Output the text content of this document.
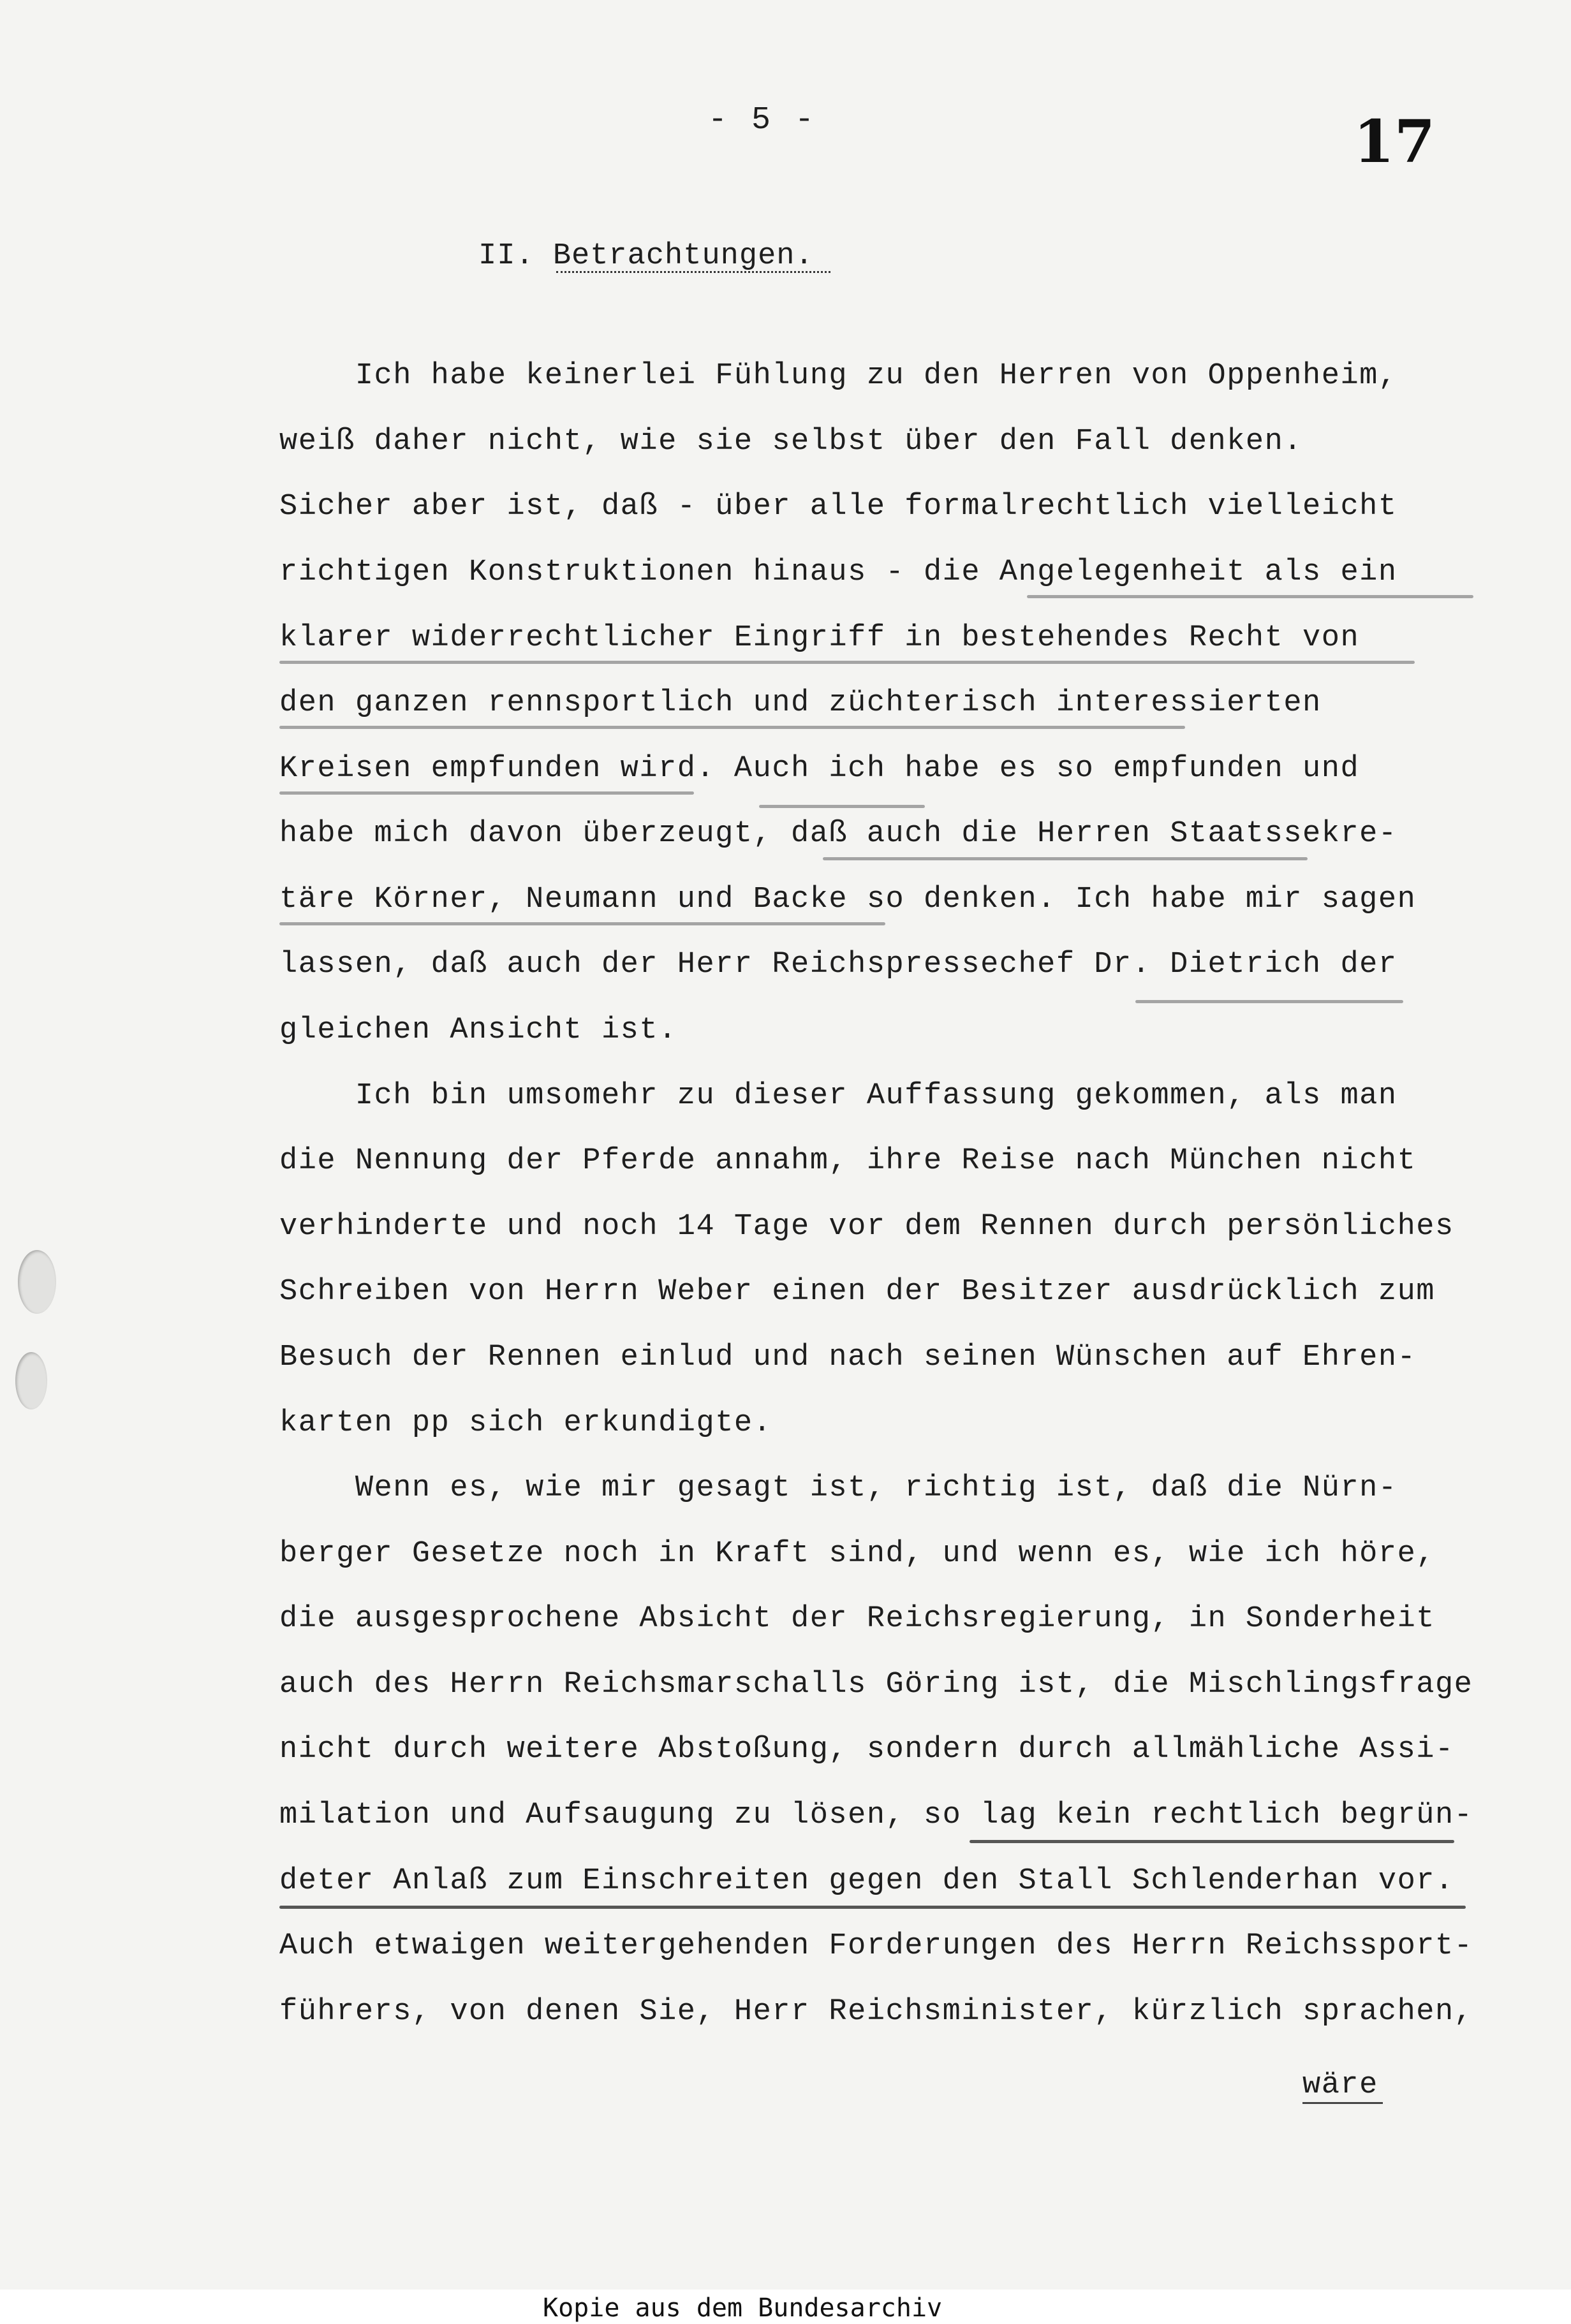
- 5 -	17
II. Betrachtungen.
Ich habe keinerlei Fühlung zu den Herren von Oppenheim,
weiß daher nicht, wie sie selbst über den Fall denken.
Sicher aber ist, daß - über alle formalrechtlich vielleicht
richtigen Konstruktionen hinaus - die Angelegenheit als ein
klarer widerrechtlicher Eingriff in bestehendes Recht von
den ganzen rennsportlich und züchterisch interessierten
Kreisen empfunden wird. Auch ich habe es so empfunden und
habe mich davon überzeugt, daß auch die Herren Staatssekre-
täre Körner, Neumann und Backe so denken. Ich habe mir sagen
lassen, daß auch der Herr Reichspressechef Dr. Dietrich der
gleichen Ansicht ist.
Ich bin umsomehr zu dieser Auffassung gekommen, als man
die Nennung der Pferde annahm, ihre Reise nach München nicht
verhinderte und noch 14 Tage vor dem Rennen durch persönliches
Schreiben von Herrn Weber einen der Besitzer ausdrücklich zum
Besuch der Rennen einlud und nach seinen Wünschen auf Ehren-
karten pp sich erkundigte.
Wenn es, wie mir gesagt ist, richtig ist, daß die Nürn-
berger Gesetze noch in Kraft sind, und wenn es, wie ich höre,
die ausgesprochene Absicht der Reichsregierung, in Sonderheit
auch des Herrn Reichsmarschalls Göring ist, die Mischlingsfrage
nicht durch weitere Abstoßung, sondern durch allmähliche Assi-
milation und Aufsaugung zu lösen, so lag kein rechtlich begrün-
deter Anlaß zum Einschreiten gegen den Stall Schlenderhan vor.
Auch etwaigen weitergehenden Forderungen des Herrn Reichssport-
führers, von denen Sie, Herr Reichsminister, kürzlich sprachen,
wäre
Kopie aus dem Bundesarchiv
